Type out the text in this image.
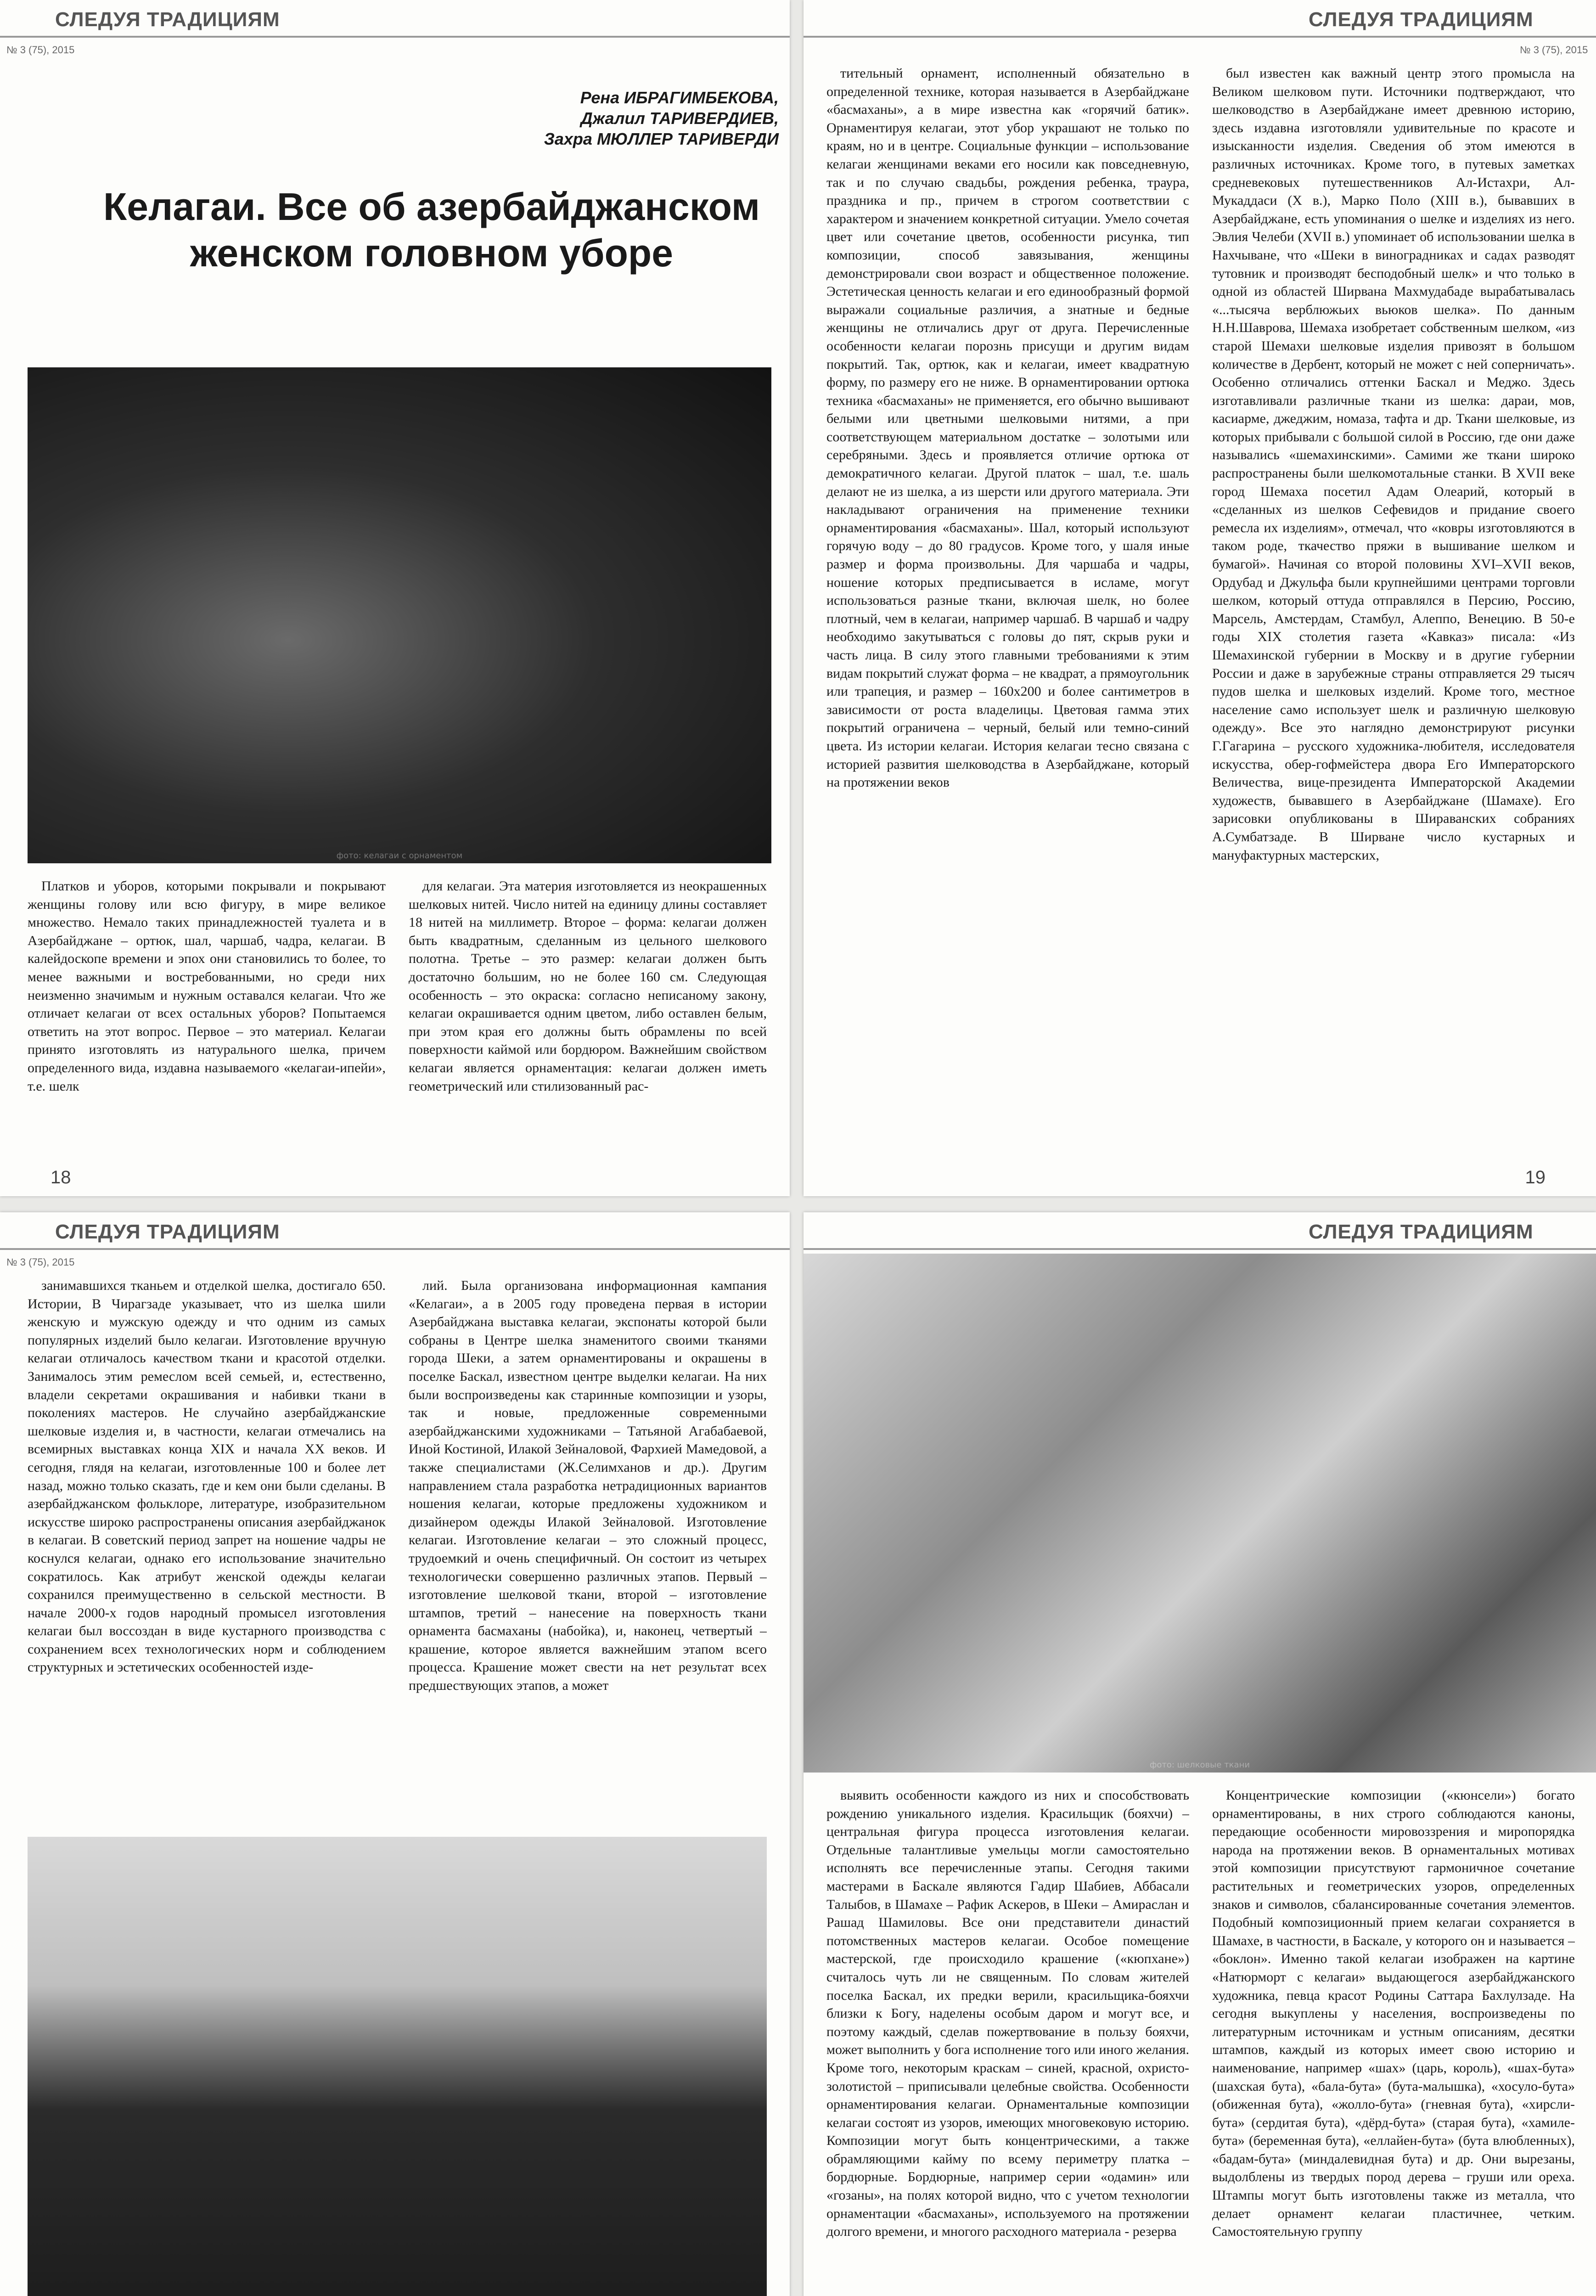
СЛЕДУЯ ТРАДИЦИЯМ
№ 3 (75), 2015
Рена ИБРАГИМБЕКОВА,
Джалил ТАРИВЕРДИЕВ,
Захра МЮЛЛЕР ТАРИВЕРДИ
Келагаи. Все об азербайджанском женском головном уборе
фото: келагаи с орнаментом

Платков и уборов, которыми покрывали и покрывают женщины голову или всю фигуру, в мире великое множество. Немало таких принадлежностей туалета и в Азербайджане – ортюк, шал, чаршаб, чадра, келагаи. В калейдоскопе времени и эпох они становились то более, то менее важными и востребованными, но среди них неизменно значимым и нужным оставался келагаи. Что же отличает келагаи от всех остальных уборов? Попытаемся ответить на этот вопрос. Первое – это материал. Келагаи принято изготовлять из натурального шелка, причем определенного вида, издавна называемого «келагаи-ипейи», т.е. шелк

для келагаи. Эта материя изготовляется из неокрашенных шелковых нитей. Число нитей на единицу длины составляет 18 нитей на миллиметр. Второе – форма: келагаи должен быть квадратным, сделанным из цельного шелкового полотна. Третье – это размер: келагаи должен быть достаточно большим, но не более 160 см. Следующая особенность – это окраска: согласно неписаному закону, келагаи окрашивается одним цветом, либо оставлен белым, при этом края его должны быть обрамлены по всей поверхности каймой или бордюром. Важнейшим свойством келагаи является орнаментация: келагаи должен иметь геометрический или стилизованный рас-

18
СЛЕДУЯ ТРАДИЦИЯМ
№ 3 (75), 2015

тительный орнамент, исполненный обязательно в определенной технике, которая называется в Азербайджане «басмаханы», а в мире известна как «горячий батик». Орнаментируя келагаи, этот убор украшают не только по краям, но и в центре. Социальные функции – использование келагаи женщинами веками его носили как повседневную, так и по случаю свадьбы, рождения ребенка, траура, праздника и пр., причем в строгом соответствии с характером и значением конкретной ситуации. Умело сочетая цвет или сочетание цветов, особенности рисунка, тип композиции, способ завязывания, женщины демонстрировали свои возраст и общественное положение. Эстетическая ценность келагаи и его единообразный формой выражали социальные различия, а знатные и бедные женщины не отличались друг от друга. Перечисленные особенности келагаи порознь присущи и другим видам покрытий. Так, ортюк, как и келагаи, имеет квадратную форму, по размеру его не ниже. В орнаментировании ортюка техника «басмаханы» не применяется, его обычно вышивают белыми или цветными шелковыми нитями, а при соответствующем материальном достатке – золотыми или серебряными. Здесь и проявляется отличие ортюка от демократичного келагаи. Другой платок – шал, т.е. шаль делают не из шелка, а из шерсти или другого материала. Эти накладывают ограничения на применение техники орнаментирования «басмаханы». Шал, который используют горячую воду – до 80 градусов. Кроме того, у шаля иные размер и форма произвольны. Для чаршаба и чадры, ношение которых предписывается в исламе, могут использоваться разные ткани, включая шелк, но более плотный, чем в келагаи, например чаршаб. В чаршаб и чадру необходимо закутываться с головы до пят, скрыв руки и часть лица. В силу этого главными требованиями к этим видам покрытий служат форма – не квадрат, а прямоугольник или трапеция, и размер – 160х200 и более сантиметров в зависимости от роста владелицы. Цветовая гамма этих покрытий ограничена – черный, белый или темно-синий цвета. Из истории келагаи. История келагаи тесно связана с историей развития шелководства в Азербайджане, который на протяжении веков

был известен как важный центр этого промысла на Великом шелковом пути. Источники подтверждают, что шелководство в Азербайджане имеет древнюю историю, здесь издавна изготовляли удивительные по красоте и изысканности изделия. Сведения об этом имеются в различных источниках. Кроме того, в путевых заметках средневековых путешественников Ал-Истахри, Ал-Мукаддаси (X в.), Марко Поло (XIII в.), бывавших в Азербайджане, есть упоминания о шелке и изделиях из него. Эвлия Челеби (XVII в.) упоминает об использовании шелка в Нахчыване, что «Шеки в виноградниках и садах разводят тутовник и производят бесподобный шелк» и что только в одной из областей Ширвана Махмудабаде вырабатывалась «...тысяча верблюжьих вьюков шелка». По данным Н.Н.Шаврова, Шемаха изобретает собственным шелком, «из старой Шемахи шелковые изделия привозят в большом количестве в Дербент, который не может с ней соперничать». Особенно отличались оттенки Баскал и Меджо. Здесь изготавливали различные ткани из шелка: дараи, мов, касиарме, джеджим, номаза, тафта и др. Ткани шелковые, из которых прибывали с большой силой в Россию, где они даже назывались «шемахинскими». Самими же ткани широко распространены были шелкомотальные станки. В XVII веке город Шемаха посетил Адам Олеарий, который в «сделанных из шелков Сефевидов и придание своего ремесла их изделиям», отмечал, что «ковры изготовляются в таком роде, ткачество пряжи в вышивание шелком и бумагой». Начиная со второй половины XVI–XVII веков, Ордубад и Джульфа были крупнейшими центрами торговли шелком, который оттуда отправлялся в Персию, Россию, Марсель, Амстердам, Стамбул, Алеппо, Венецию. В 50-е годы XIX столетия газета «Кавказ» писала: «Из Шемахинской губернии в Москву и в другие губернии России и даже в зарубежные страны отправляется 29 тысяч пудов шелка и шелковых изделий. Кроме того, местное население само использует шелк и различную шелковую одежду». Все это наглядно демонстрируют рисунки Г.Гагарина – русского художника-любителя, исследователя искусства, обер-гофмейстера двора Его Императорского Величества, вице-президента Императорской Академии художеств, бывавшего в Азербайджане (Шамахе). Его зарисовки опубликованы в Шираванских собраниях А.Сумбатзаде. В Ширване число кустарных и мануфактурных мастерских,

19
СЛЕДУЯ ТРАДИЦИЯМ
№ 3 (75), 2015

занимавшихся тканьем и отделкой шелка, достигало 650. Истории, В Чирагзаде указывает, что из шелка шили женскую и мужскую одежду и что одним из самых популярных изделий было келагаи. Изготовление вручную келагаи отличалось качеством ткани и красотой отделки. Занималось этим ремеслом всей семьей, и, естественно, владели секретами окрашивания и набивки ткани в поколениях мастеров. Не случайно азербайджанские шелковые изделия и, в частности, келагаи отмечались на всемирных выставках конца XIX и начала XX веков. И сегодня, глядя на келагаи, изготовленные 100 и более лет назад, можно только сказать, где и кем они были сделаны. В азербайджанском фольклоре, литературе, изобразительном искусстве широко распространены описания азербайджанок в келагаи. В советский период запрет на ношение чадры не коснулся келагаи, однако его использование значительно сократилось. Как атрибут женской одежды келагаи сохранился преимущественно в сельской местности. В начале 2000-х годов народный промысел изготовления келагаи был воссоздан в виде кустарного производства с сохранением всех технологических норм и соблюдением структурных и эстетических особенностей изде-

лий. Была организована информационная кампания «Келагаи», а в 2005 году проведена первая в истории Азербайджана выставка келагаи, экспонаты которой были собраны в Центре шелка знаменитого своими тканями города Шеки, а затем орнаментированы и окрашены в поселке Баскал, известном центре выделки келагаи. На них были воспроизведены как старинные композиции и узоры, так и новые, предложенные современными азербайджанскими художниками – Татьяной Агабабаевой, Иной Костиной, Илакой Зейналовой, Фархией Мамедовой, а также специалистами (Ж.Селимханов и др.). Другим направлением стала разработка нетрадиционных вариантов ношения келагаи, которые предложены художником и дизайнером одежды Илакой Зейналовой. Изготовление келагаи. Изготовление келагаи – это сложный процесс, трудоемкий и очень специфичный. Он состоит из четырех технологически совершенно различных этапов. Первый – изготовление шелковой ткани, второй – изготовление штампов, третий – нанесение на поверхность ткани орнамента басмаханы (набойка), и, наконец, четвертый – крашение, которое является важнейшим этапом всего процесса. Крашение может свести на нет результат всех предшествующих этапов, а может

СЛЕДУЯ ТРАДИЦИЯМ
фото: шелковые ткани

выявить особенности каждого из них и способствовать рождению уникального изделия. Красильщик (бояхчи) – центральная фигура процесса изготовления келагаи. Отдельные талантливые умельцы могли самостоятельно исполнять все перечисленные этапы. Сегодня такими мастерами в Баскале являются Гадир Шабиев, Аббасали Талыбов, в Шамахе – Рафик Аскеров, в Шеки – Амираслан и Рашад Шамиловы. Все они представители династий потомственных мастеров келагаи. Особое помещение мастерской, где происходило крашение («кюпхане») считалось чуть ли не священным. По словам жителей поселка Баскал, их предки верили, красильщика-бояхчи близки к Богу, наделены особым даром и могут все, и поэтому каждый, сделав пожертвование в пользу бояхчи, может выполнить у бога исполнение того или иного желания. Кроме того, некоторым краскам – синей, красной, охристо-золотистой – приписывали целебные свойства. Особенности орнаментирования келагаи. Орнаментальные композиции келагаи состоят из узоров, имеющих многовековую историю. Композиции могут быть концентрическими, а также обрамляющими кайму по всему периметру платка – бордюрные. Бордюрные, например серии «одамин» или «гозаны», на полях которой видно, что с учетом технологии орнаментации «басмаханы», используемого на протяжении долгого времени, и многого расходного материала - резерва

Концентрические композиции («кюнсели») богато орнаментированы, в них строго соблюдаются каноны, передающие особенности мировоззрения и миропорядка народа на протяжении веков. В орнаментальных мотивах этой композиции присутствуют гармоничное сочетание растительных и геометрических узоров, определенных знаков и символов, сбалансированные сочетания элементов. Подобный композиционный прием келагаи сохраняется в Шамахе, в частности, в Баскале, у которого он и называется – «боклон». Именно такой келагаи изображен на картине «Натюрморт с келагаи» выдающегося азербайджанского художника, певца красот Родины Саттара Бахлулзаде. На сегодня выкуплены у населения, воспроизведены по литературным источникам и устным описаниям, десятки штампов, каждый из которых имеет свою историю и наименование, например «шах» (царь, король), «шах-бута» (шахская бута), «бала-бута» (бута-малышка), «хосуло-бута» (обиженная бута), «жолло-бута» (гневная бута), «хирсли-бута» (сердитая бута), «дёрд-бута» (старая бута), «хамиле-бута» (беременная бута), «еллайен-бута» (бута влюбленных), «бадам-бута» (миндалевидная бута) и др. Они вырезаны, выдолблены из твердых пород дерева – груши или ореха. Штампы могут быть изготовлены также из металла, что делает орнамент келагаи пластичнее, четким. Самостоятельную группу
